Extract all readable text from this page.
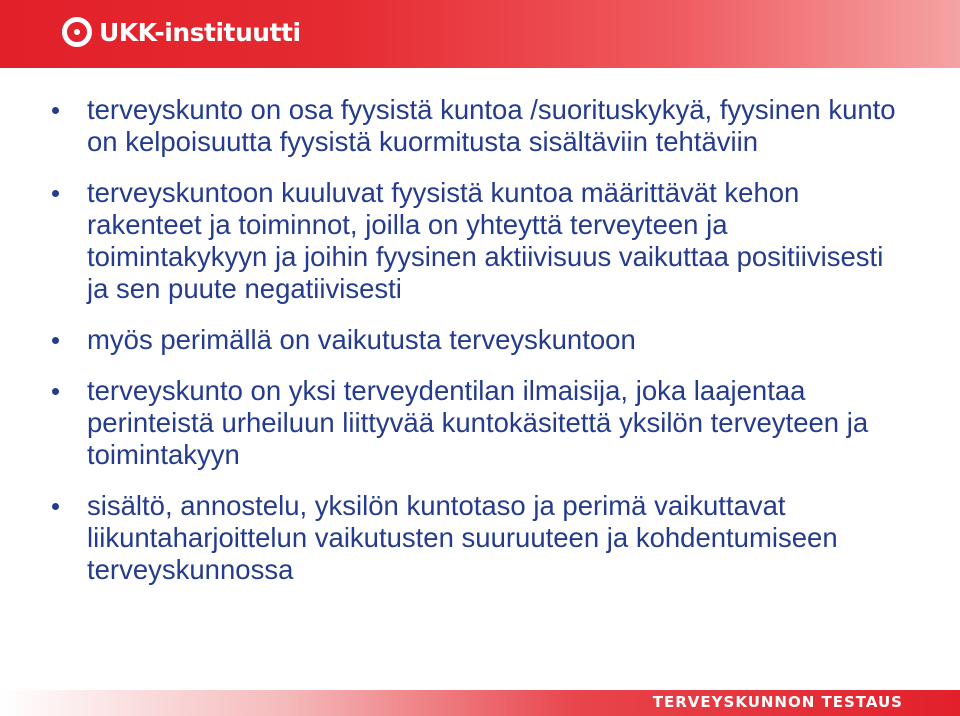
UKK-instituutti
terveyskunto on osa fyysistä kuntoa /suorituskykyä, fyysinen kunto on kelpoisuutta fyysistä kuormitusta sisältäviin tehtäviin
terveyskuntoon kuuluvat fyysistä kuntoa määrittävät kehon rakenteet ja toiminnot, joilla on yhteyttä terveyteen ja toimintakykyyn ja joihin fyysinen aktiivisuus vaikuttaa positiivisesti ja sen puute negatiivisesti
myös perimällä on vaikutusta terveyskuntoon
terveyskunto on yksi terveydentilan ilmaisija, joka laajentaa perinteistä urheiluun liittyvää kuntokäsitettä yksilön terveyteen ja toimintakyyn
sisältö, annostelu, yksilön kuntotaso ja perimä vaikuttavat liikuntaharjoittelun vaikutusten suuruuteen ja kohdentumiseen terveyskunnossa
TERVEYSKUNNON TESTAUS
